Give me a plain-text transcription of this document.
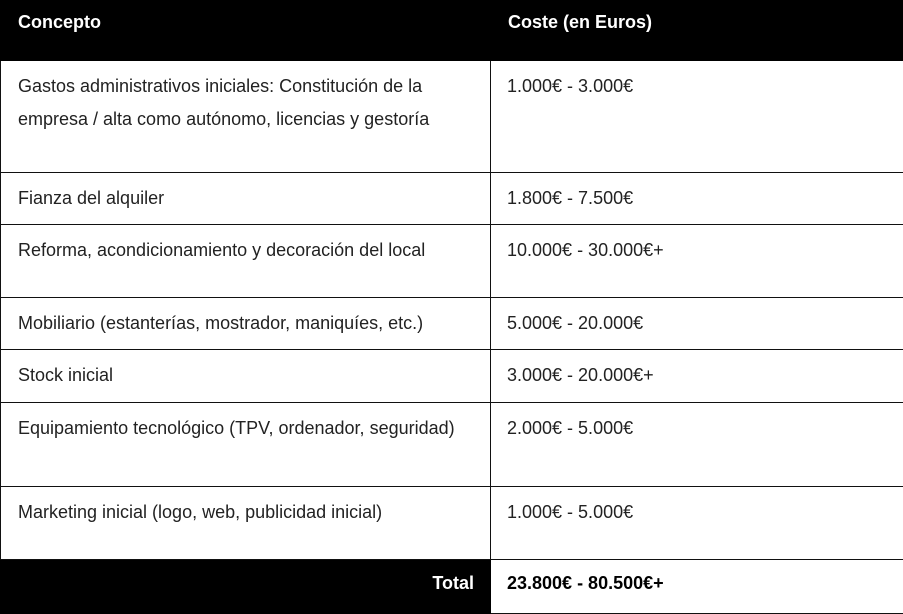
Concepto	Coste (en Euros)
Gastos administrativos iniciales: Constitución de la empresa / alta como autónomo, licencias y gestoría	1.000€ - 3.000€
Fianza del alquiler	1.800€ - 7.500€
Reforma, acondicionamiento y decoración del local	10.000€ - 30.000€+
Mobiliario (estanterías, mostrador, maniquíes, etc.)	5.000€ - 20.000€
Stock inicial	3.000€ - 20.000€+
Equipamiento tecnológico (TPV, ordenador, seguridad)	2.000€ - 5.000€
Marketing inicial (logo, web, publicidad inicial)	1.000€ - 5.000€
Total	23.800€ - 80.500€+
